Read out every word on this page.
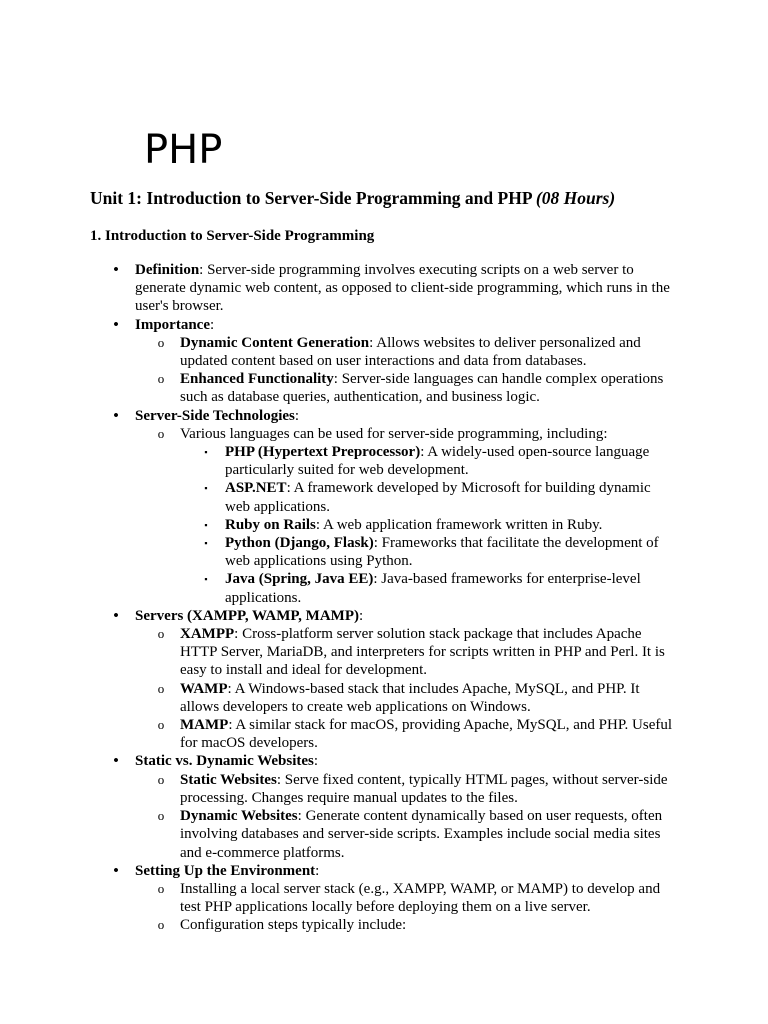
PHP
Unit 1: Introduction to Server-Side Programming and PHP (08 Hours)
1. Introduction to Server-Side Programming
•	Definition: Server-side programming involves executing scripts on a web server to generate dynamic web content, as opposed to client-side programming, which runs in the user's browser.
•	Importance:
o	Dynamic Content Generation: Allows websites to deliver personalized and updated content based on user interactions and data from databases.
o	Enhanced Functionality: Server-side languages can handle complex operations such as database queries, authentication, and business logic.
•	Server-Side Technologies:
o	Various languages can be used for server-side programming, including:
▪	PHP (Hypertext Preprocessor): A widely-used open-source language particularly suited for web development.
▪	ASP.NET: A framework developed by Microsoft for building dynamic web applications.
▪	Ruby on Rails: A web application framework written in Ruby.
▪	Python (Django, Flask): Frameworks that facilitate the development of web applications using Python.
▪	Java (Spring, Java EE): Java-based frameworks for enterprise-level applications.
•	Servers (XAMPP, WAMP, MAMP):
o	XAMPP: Cross-platform server solution stack package that includes Apache HTTP Server, MariaDB, and interpreters for scripts written in PHP and Perl. It is easy to install and ideal for development.
o	WAMP: A Windows-based stack that includes Apache, MySQL, and PHP. It allows developers to create web applications on Windows.
o	MAMP: A similar stack for macOS, providing Apache, MySQL, and PHP. Useful for macOS developers.
•	Static vs. Dynamic Websites:
o	Static Websites: Serve fixed content, typically HTML pages, without server-side processing. Changes require manual updates to the files.
o	Dynamic Websites: Generate content dynamically based on user requests, often involving databases and server-side scripts. Examples include social media sites and e-commerce platforms.
•	Setting Up the Environment:
o	Installing a local server stack (e.g., XAMPP, WAMP, or MAMP) to develop and test PHP applications locally before deploying them on a live server.
o	Configuration steps typically include:
